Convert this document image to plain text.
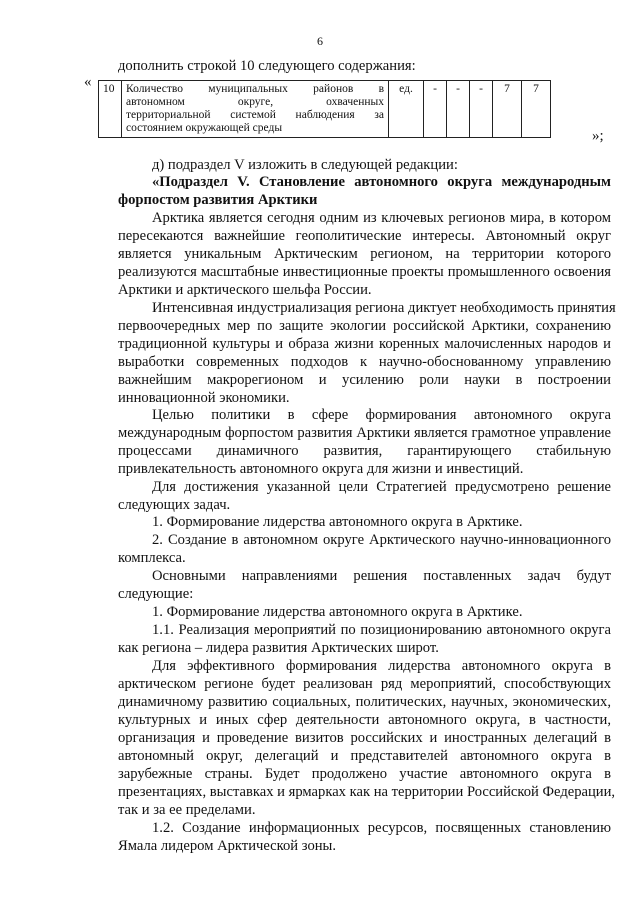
6
дополнить строкой 10 следующего содержания:
« 10	Количество муниципальных районов в
автономном округе, охваченных
территориальной системой наблюдения за
состоянием окружающей среды
	ед.	-	-	-	7	7
»;
д) подраздел V изложить в следующей редакции:
«Подраздел V. Становление автономного округа международным
форпостом развития Арктики
Арктика является сегодня одним из ключевых регионов мира, в котором
пересекаются важнейшие геополитические интересы. Автономный округ
является уникальным Арктическим регионом, на территории которого
реализуются масштабные инвестиционные проекты промышленного освоения
Арктики и арктического шельфа России.
Интенсивная индустриализация региона диктует необходимость принятия
первоочередных мер по защите экологии российской Арктики, сохранению
традиционной культуры и образа жизни коренных малочисленных народов и
выработки современных подходов к научно-обоснованному управлению
важнейшим макрорегионом и усилению роли науки в построении
инновационной экономики.
Целью политики в сфере формирования автономного округа
международным форпостом развития Арктики является грамотное управление
процессами динамичного развития, гарантирующего стабильную
привлекательность автономного округа для жизни и инвестиций.
Для достижения указанной цели Стратегией предусмотрено решение
следующих задач.
1. Формирование лидерства автономного округа в Арктике.
2. Создание в автономном округе Арктического научно-инновационного
комплекса.
Основными направлениями решения поставленных задач будут
следующие:
1. Формирование лидерства автономного округа в Арктике.
1.1. Реализация мероприятий по позиционированию автономного округа
как региона – лидера развития Арктических широт.
Для эффективного формирования лидерства автономного округа в
арктическом регионе будет реализован ряд мероприятий, способствующих
динамичному развитию социальных, политических, научных, экономических,
культурных и иных сфер деятельности автономного округа, в частности,
организация и проведение визитов российских и иностранных делегаций в
автономный округ, делегаций и представителей автономного округа в
зарубежные страны. Будет продолжено участие автономного округа в
презентациях, выставках и ярмарках как на территории Российской Федерации,
так и за ее пределами.
1.2. Создание информационных ресурсов, посвященных становлению
Ямала лидером Арктической зоны.
